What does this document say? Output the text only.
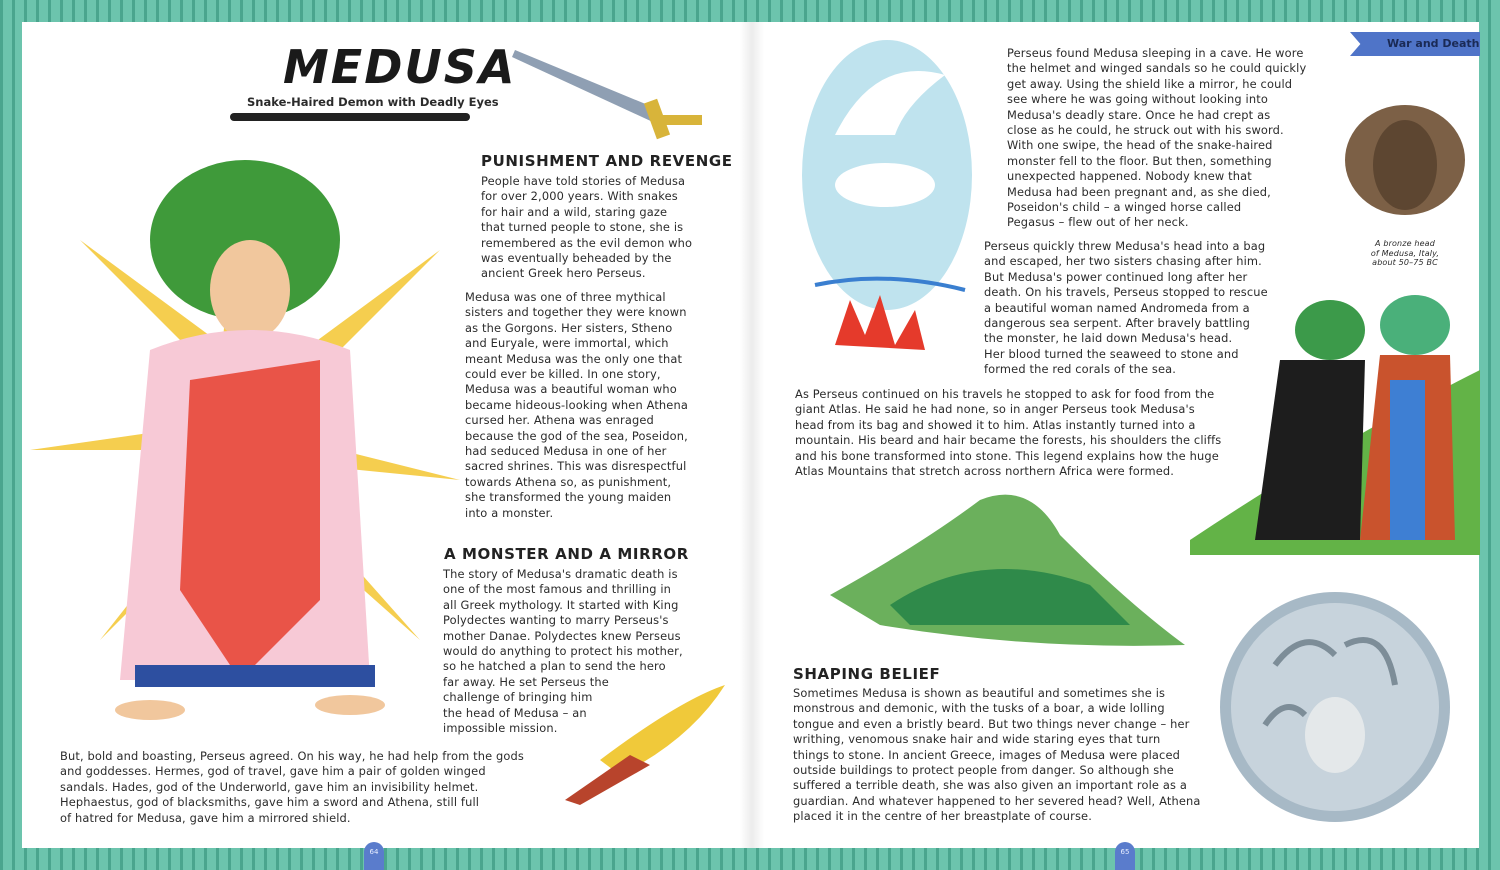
MEDUSA
Snake-Haired Demon with Deadly Eyes
PUNISHMENT AND REVENGE
People have told stories of Medusa
for over 2,000 years. With snakes
for hair and a wild, staring gaze
that turned people to stone, she is
remembered as the evil demon who
was eventually beheaded by the
ancient Greek hero Perseus.
Medusa was one of three mythical
sisters and together they were known
as the Gorgons. Her sisters, Stheno
and Euryale, were immortal, which
meant Medusa was the only one that
could ever be killed. In one story,
Medusa was a beautiful woman who
became hideous-looking when Athena
cursed her. Athena was enraged
because the god of the sea, Poseidon,
had seduced Medusa in one of her
sacred shrines. This was disrespectful
towards Athena so, as punishment,
she transformed the young maiden
into a monster.
A MONSTER AND A MIRROR
The story of Medusa's dramatic death is
one of the most famous and thrilling in
all Greek mythology. It started with King
Polydectes wanting to marry Perseus's
mother Danae. Polydectes knew Perseus
would do anything to protect his mother,
so he hatched a plan to send the hero
far away. He set Perseus the
challenge of bringing him
the head of Medusa – an
impossible mission.
But, bold and boasting, Perseus agreed. On his way, he had help from the gods
and goddesses. Hermes, god of travel, gave him a pair of golden winged
sandals. Hades, god of the Underworld, gave him an invisibility helmet.
Hephaestus, god of blacksmiths, gave him a sword and Athena, still full
of hatred for Medusa, gave him a mirrored shield.
War and Death
A bronze head
of Medusa, Italy,
about 50–75 BC
Perseus found Medusa sleeping in a cave. He wore
the helmet and winged sandals so he could quickly
get away. Using the shield like a mirror, he could
see where he was going without looking into
Medusa's deadly stare. Once he had crept as
close as he could, he struck out with his sword.
With one swipe, the head of the snake-haired
monster fell to the floor. But then, something
unexpected happened. Nobody knew that
Medusa had been pregnant and, as she died,
Poseidon's child – a winged horse called
Pegasus – flew out of her neck.
Perseus quickly threw Medusa's head into a bag
and escaped, her two sisters chasing after him.
But Medusa's power continued long after her
death. On his travels, Perseus stopped to rescue
a beautiful woman named Andromeda from a
dangerous sea serpent. After bravely battling
the monster, he laid down Medusa's head.
Her blood turned the seaweed to stone and
formed the red corals of the sea.
As Perseus continued on his travels he stopped to ask for food from the
giant Atlas. He said he had none, so in anger Perseus took Medusa's
head from its bag and showed it to him. Atlas instantly turned into a
mountain. His beard and hair became the forests, his shoulders the cliffs
and his bone transformed into stone. This legend explains how the huge
Atlas Mountains that stretch across northern Africa were formed.
SHAPING BELIEF
Sometimes Medusa is shown as beautiful and sometimes she is
monstrous and demonic, with the tusks of a boar, a wide lolling
tongue and even a bristly beard. But two things never change – her
writhing, venomous snake hair and wide staring eyes that turn
things to stone. In ancient Greece, images of Medusa were placed
outside buildings to protect people from danger. So although she
suffered a terrible death, she was also given an important role as a
guardian. And whatever happened to her severed head? Well, Athena
placed it in the centre of her breastplate of course.
64	65
